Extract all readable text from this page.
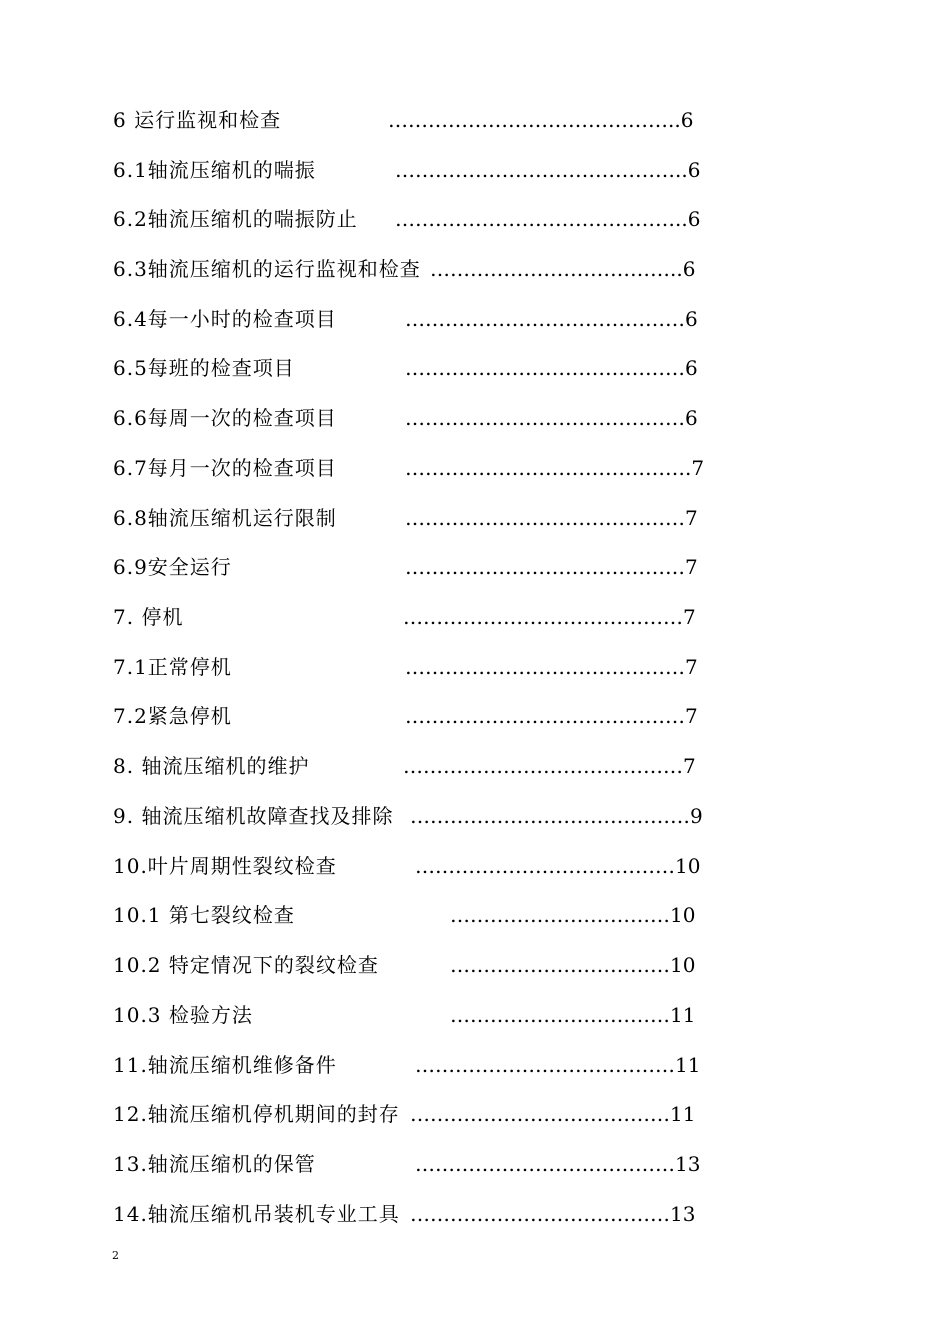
6 运行监视和检查	……………………………………..6
6.1轴流压缩机的喘振	……………………………………..6
6.2轴流压缩机的喘振防止 ……………………………………..6
6.3轴流压缩机的运行监视和检查 ………………………………..6
6.4每一小时的检查项目	……………………………………6
6.5每班的检查项目	……………………………………6
6.6每周一次的检查项目	……………………………………6
6.7每月一次的检查项目	…………………………………….7
6.8轴流压缩机运行限制	……………………………………7
6.9安全运行	……………………………………7
7. 停机	……………………………………7
7.1正常停机	……………………………………7
7.2紧急停机	……………………………………7
8. 轴流压缩机的维护	……………………………………7
9. 轴流压缩机故障查找及排除 ……………………………………9
10.叶片周期性裂纹检查	…………………………………10
10.1 第七裂纹检查	……………………………10
10.2 特定情况下的裂纹检查	……………………………10
10.3 检验方法	……………………………11
11.轴流压缩机维修备件	…………………………………11
12.轴流压缩机停机期间的封存 …………………………………11
13.轴流压缩机的保管	…………………………………13
14.轴流压缩机吊装机专业工具 …………………………………13
2
